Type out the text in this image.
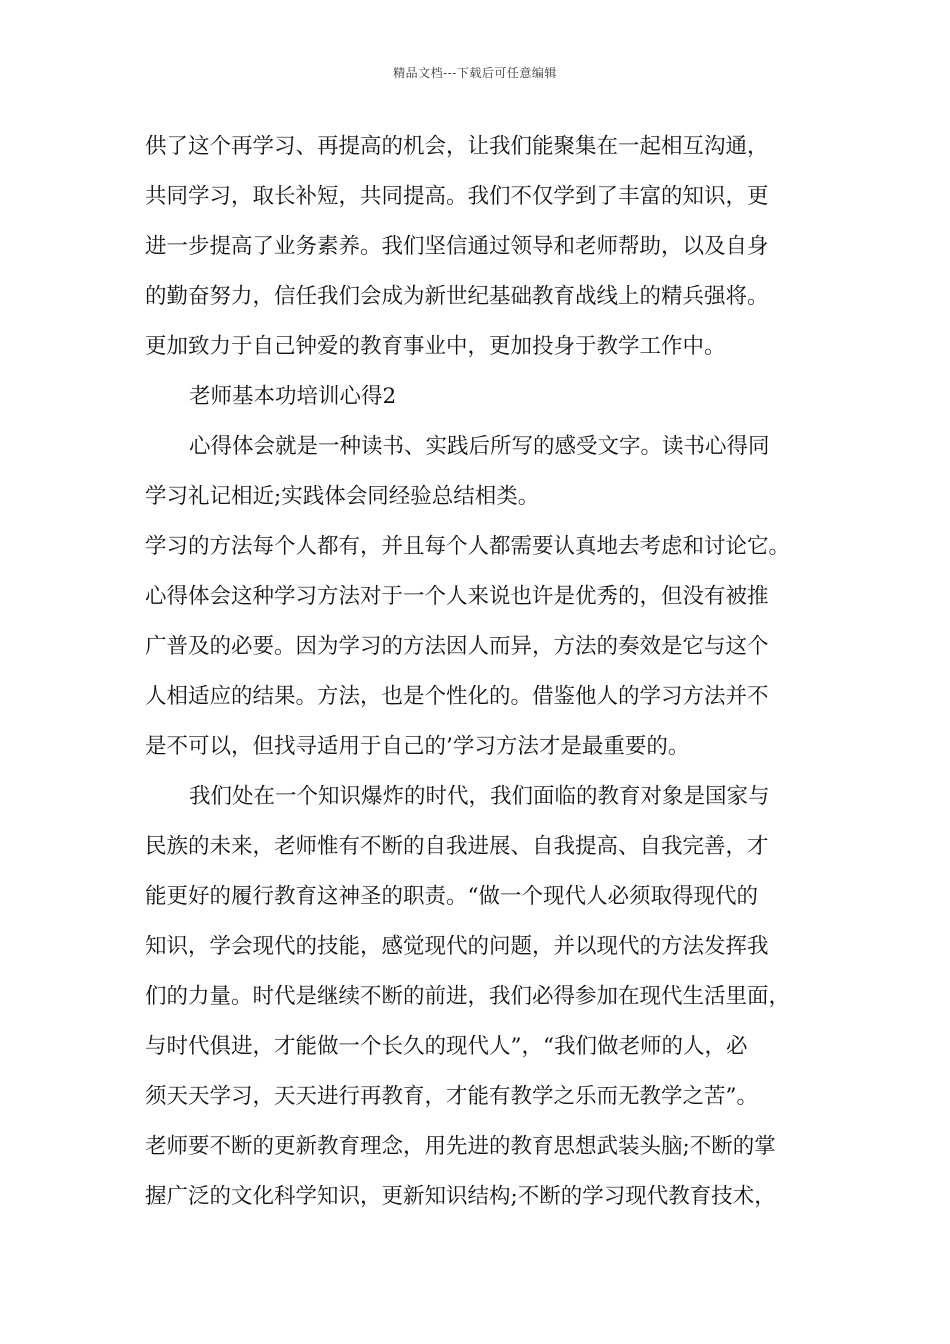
精品文档---下载后可任意编辑
供了这个再学习、再提高的机会，让我们能聚集在一起相互沟通，
共同学习，取长补短，共同提高。我们不仅学到了丰富的知识，更
进一步提高了业务素养。我们坚信通过领导和老师帮助，以及自身
的勤奋努力，信任我们会成为新世纪基础教育战线上的精兵强将。
更加致力于自己钟爱的教育事业中，更加投身于教学工作中。
老师基本功培训心得2
心得体会就是一种读书、实践后所写的感受文字。读书心得同
学习礼记相近;实践体会同经验总结相类。
学习的方法每个人都有，并且每个人都需要认真地去考虑和讨论它。
心得体会这种学习方法对于一个人来说也许是优秀的，但没有被推
广普及的必要。因为学习的方法因人而异，方法的奏效是它与这个
人相适应的结果。方法，也是个性化的。借鉴他人的学习方法并不
是不可以，但找寻适用于自己的’学习方法才是最重要的。
我们处在一个知识爆炸的时代，我们面临的教育对象是国家与
民族的未来，老师惟有不断的自我进展、自我提高、自我完善，才
能更好的履行教育这神圣的职责。“做一个现代人必须取得现代的
知识，学会现代的技能，感觉现代的问题，并以现代的方法发挥我
们的力量。时代是继续不断的前进，我们必得参加在现代生活里面，
与时代俱进，才能做一个长久的现代人”，“我们做老师的人，必
须天天学习，天天进行再教育，才能有教学之乐而无教学之苦”。
老师要不断的更新教育理念，用先进的教育思想武装头脑;不断的掌
握广泛的文化科学知识，更新知识结构;不断的学习现代教育技术，
